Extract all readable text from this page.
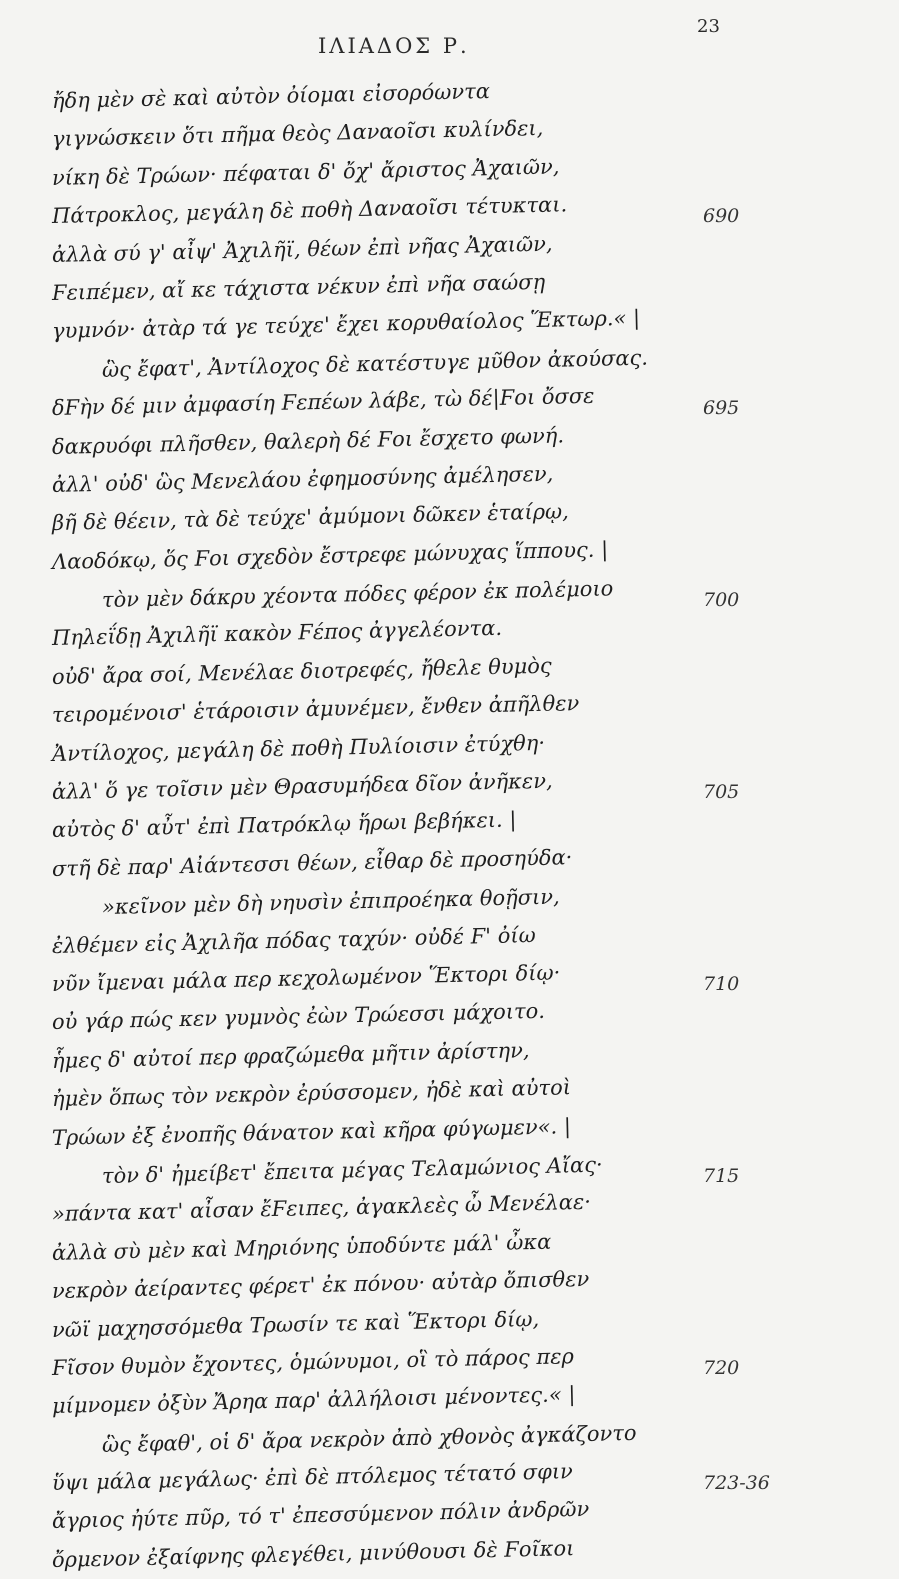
ΙΛΙΑΔΟΣ Ρ.
23
ἤδη μὲν σὲ καὶ αὐτὸν ὀίομαι εἰσορόωντα
γιγνώσκειν ὅτι πῆμα θεὸς Δαναοῖσι κυλίνδει,
νίκη δὲ Τρώων· πέφαται δ' ὄχ' ἄριστος Ἀχαιῶν,
Πάτροκλος, μεγάλη δὲ ποθὴ Δαναοῖσι τέτυκται.	690
ἀλλὰ σύ γ' αἶψ' Ἀχιλῆϊ, θέων ἐπὶ νῆας Ἀχαιῶν,
Ϝειπέμεν, αἴ κε τάχιστα νέκυν ἐπὶ νῆα σαώσῃ
γυμνόν· ἀτὰρ τά γε τεύχε' ἔχει κορυθαίολος Ἕκτωρ.« |
ὣς ἔφατ', Ἀντίλοχος δὲ κατέστυγε μῦθον ἀκούσας.
δϜὴν δέ μιν ἀμφασίη Ϝεπέων λάβε, τὼ δέ|Ϝοι ὄσσε	695
δακρυόφι πλῆσθεν, θαλερὴ δέ Ϝοι ἔσχετο φωνή.
ἀλλ' οὐδ' ὣς Μενελάου ἐφημοσύνης ἀμέλησεν,
βῆ δὲ θέειν, τὰ δὲ τεύχε' ἀμύμονι δῶκεν ἑταίρῳ,
Λαοδόκῳ, ὅς Ϝοι σχεδὸν ἔστρεφε μώνυχας ἵππους. |
τὸν μὲν δάκρυ χέοντα πόδες φέρον ἐκ πολέμοιο	700
Πηλεΐδῃ Ἀχιλῆϊ κακὸν Ϝέπος ἀγγελέοντα.
οὐδ' ἄρα σοί, Μενέλαε διοτρεφές, ἤθελε θυμὸς
τειρομένοισ' ἑτάροισιν ἀμυνέμεν, ἔνθεν ἀπῆλθεν
Ἀντίλοχος, μεγάλη δὲ ποθὴ Πυλίοισιν ἐτύχθη·
ἀλλ' ὅ γε τοῖσιν μὲν Θρασυμήδεα δῖον ἀνῆκεν,	705
αὐτὸς δ' αὖτ' ἐπὶ Πατρόκλῳ ἥρωι βεβήκει. |
στῆ δὲ παρ' Αἰάντεσσι θέων, εἶθαρ δὲ προσηύδα·
»κεῖνον μὲν δὴ νηυσὶν ἐπιπροέηκα θοῇσιν,
ἐλθέμεν εἰς Ἀχιλῆα πόδας ταχύν· οὐδέ Ϝ' ὀίω
νῦν ἴμεναι μάλα περ κεχολωμένον Ἕκτορι δίῳ·	710
οὐ γάρ πώς κεν γυμνὸς ἐὼν Τρώεσσι μάχοιτο.
ἧμες δ' αὐτοί περ φραζώμεθα μῆτιν ἀρίστην,
ἠμὲν ὅπως τὸν νεκρὸν ἐρύσσομεν, ἠδὲ καὶ αὐτοὶ
Τρώων ἐξ ἐνοπῆς θάνατον καὶ κῆρα φύγωμεν«. |
τὸν δ' ἠμείβετ' ἔπειτα μέγας Τελαμώνιος Αἴας·	715
»πάντα κατ' αἶσαν ἔϜειπες, ἀγακλεὲς ὦ Μενέλαε·
ἀλλὰ σὺ μὲν καὶ Μηριόνης ὑποδύντε μάλ' ὦκα
νεκρὸν ἀείραντες φέρετ' ἐκ πόνου· αὐτὰρ ὄπισθεν
νῶϊ μαχησσόμεθα Τρωσίν τε καὶ Ἕκτορι δίῳ,
Ϝῖσον θυμὸν ἔχοντες, ὁμώνυμοι, οἳ τὸ πάρος περ	720
μίμνομεν ὀξὺν Ἄρηα παρ' ἀλλήλοισι μένοντες.« |
ὣς ἔφαθ', οἱ δ' ἄρα νεκρὸν ἀπὸ χθονὸς ἀγκάζοντο
ὕψι μάλα μεγάλως· ἐπὶ δὲ πτόλεμος τέτατό σφιν	723-36
ἄγριος ἠύτε πῦρ, τό τ' ἐπεσσύμενον πόλιν ἀνδρῶν
ὄρμενον ἐξαίφνης φλεγέθει, μινύθουσι δὲ Ϝοῖκοι
